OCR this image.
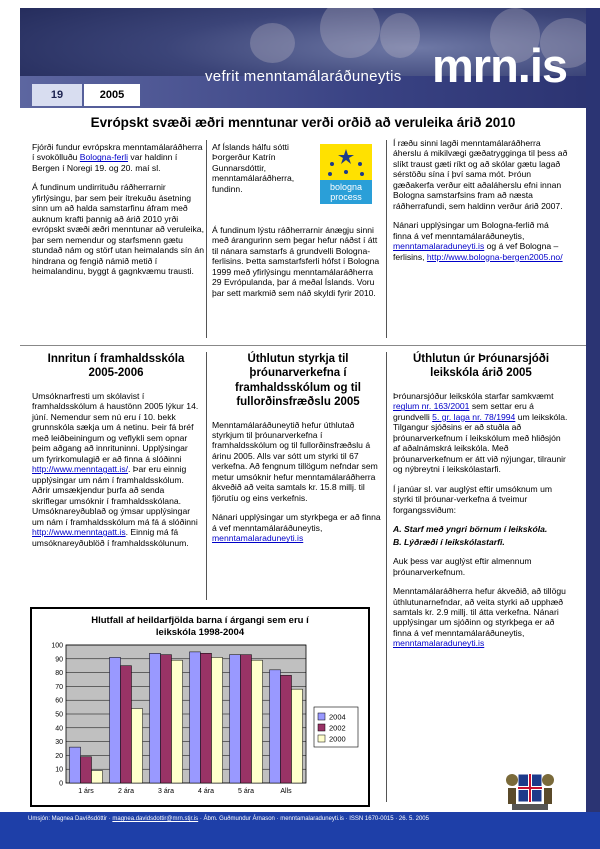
19	2005
vefrit menntamálaráðuneytis mrn.is
Evrópskt svæði æðri menntunar verði orðið að veruleika árið 2010

Fjórði fundur evrópskra menntamálaráðherra í svokölluðu Bologna-ferli var haldinn í Bergen í Noregi 19. og 20. maí sl.

Á fundinum undirrituðu ráðherrarnir yfirlýsingu, þar sem þeir ítrekuðu ásetning sinn um að halda samstarfinu áfram með auknum krafti þannig að árið 2010 yrði evrópskt svæði æðri menntunar að veruleika, þar sem nemendur og starfsmenn gætu stundað nám og störf utan heimalands sín án hindrana og fengið námið metið í heimalandinu, byggt á gagnkvæmu trausti.

Af Íslands hálfu sótti Þorgerður Katrín Gunnarsdóttir, menntamálaráðherra, fundinn.

Á fundinum lýstu ráðherrarnir ánægju sinni með árangurinn sem þegar hefur náðst í átt til nánara samstarfs á grundvelli Bologna-ferlisins. Þetta samstarfsferli hófst í Bologna 1999 með yfirlýsingu menntamálaráðherra 29 Evrópulanda, þar á meðal Íslands. Voru þar sett markmið sem náð skyldi fyrir 2010.

bologna
process

Í ræðu sinni lagði menntamálaráðherra áherslu á mikilvægi gæðatrygginga til þess að slíkt traust gæti ríkt og að skólar gætu lagað sérstöðu sína í því sama mót. Þróun gæðakerfa verður eitt aðaláherslu efni innan Bologna samstarfsins fram að næsta ráðherrafundi, sem haldinn verður árið 2007.

Nánari upplýsingar um Bologna-ferlið má finna á vef menntamálaráðuneytis, menntamalaraduneyti.is og á vef Bologna – ferlisins, http://www.bologna-bergen2005.no/

Innritun í framhaldsskóla 2005-2006

Umsóknarfresti um skólavist í framhaldsskólum á haustönn 2005 lýkur 14. júní. Nemendur sem nú eru í 10. bekk grunnskóla sækja um á netinu. Þeir fá bréf með leiðbeiningum og veflykli sem opnar þeim aðgang að innrituninni. Upplýsingar um fyrirkomulagið er að finna á slóðinni http://www.menntagatt.is/. Þar eru einnig upplýsingar um nám í framhaldsskólum. Aðrir umsækjendur þurfa að senda skriflegar umsóknir í framhaldsskólana. Umsóknareyðublað og ýmsar upplýsingar um nám í framhaldsskólum má fá á slóðinni http://www.menntagatt.is. Einnig má fá umsóknareyðublöð í framhaldsskólunum.

Úthlutun styrkja til þróunarverkefna í framhaldsskólum og til fullorðinsfræðslu 2005

Menntamálaráðuneytið hefur úthlutað styrkjum til þróunarverkefna í framhaldsskólum og til fullorðinsfræðslu á árinu 2005. Alls var sótt um styrki til 67 verkefna. Að fengnum tillögum nefndar sem metur umsóknir hefur menntamálaráðherra ákveðið að veita samtals kr. 15.8 millj. til fjörutíu og eins verkefnis.

Nánari upplýsingar um styrkþega er að finna á vef menntamálaráðuneytis, menntamalaraduneyti.is

Úthlutun úr Þróunarsjóði leikskóla árið 2005

Þróunarsjóður leikskóla starfar samkvæmt reglum nr. 163/2001 sem settar eru á grundvelli 5. gr. laga nr. 78/1994 um leikskóla. Tilgangur sjóðsins er að stuðla að þróunarverkefnum í leikskólum með hliðsjón af aðalnámskrá leikskóla. Með þróunarverkefnum er átt við nýjungar, tilraunir og nýbreytni í leikskólastarfi.

Í janúar sl. var auglýst eftir umsóknum um styrki til þróunar-verkefna á tveimur forgangssviðum:

A. Starf með yngri börnum í leikskóla.

B. Lýðræði í leikskólastarfi.

Auk þess var auglýst eftir almennum þróunarverkefnum.

Menntamálaráðherra hefur ákveðið, að tillögu úthlutunarnefndar, að veita styrki að upphæð samtals kr. 2.9 millj. til átta verkefna. Nánari upplýsingar um sjóðinn og styrkþega er að finna á vef menntamálaráðuneytis, menntamalaraduneyti.is

Hlutfall af heildarfjölda barna í árgangi sem eru í
leikskóla 1998-2004
0
10
20
30
40
50
60
70
80
90
100
1 árs	2 ára	3 ára	4 ára	5 ára	Alls
2004
2002
2000
Umsjón: Magnea Davíðsdóttir · magnea.davidsdottir@mrn.stjr.is · Ábm. Guðmundur Árnason · menntamalaraduneyti.is · ISSN 1670-0015 · 26. 5. 2005
